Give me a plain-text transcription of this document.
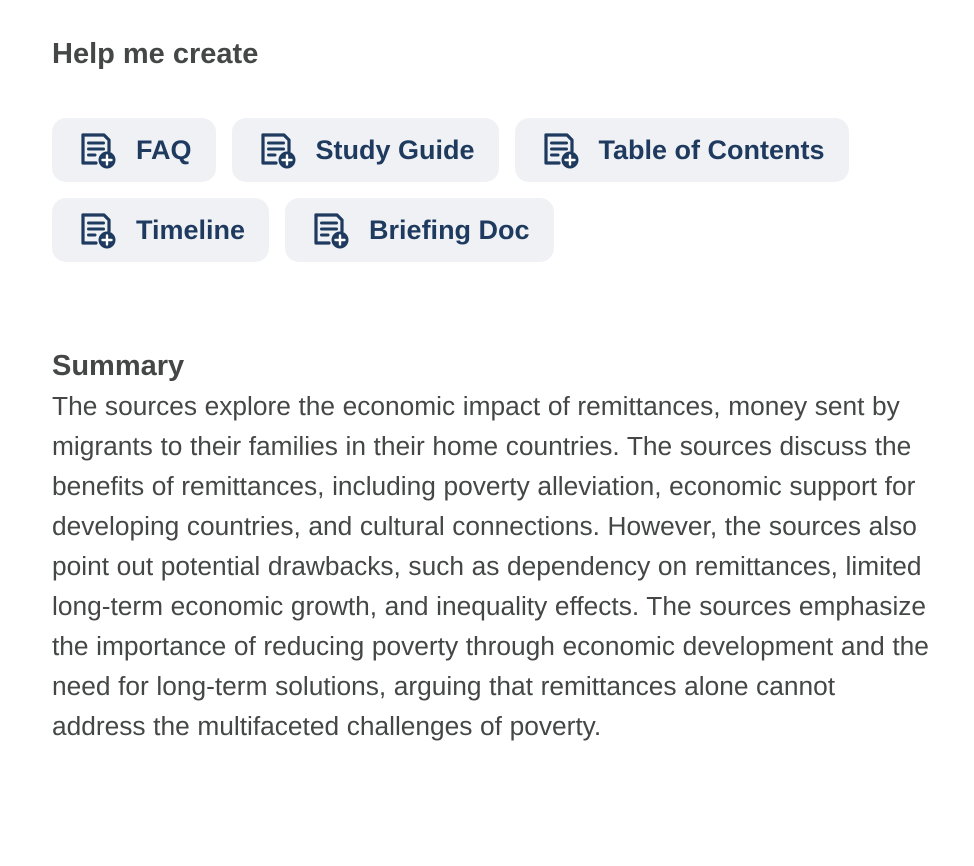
Help me create
FAQ	Study Guide	Table of Contents
Timeline	Briefing Doc
Summary

The sources explore the economic impact of remittances, money sent by migrants to their families in their home countries. The sources discuss the benefits of remittances, including poverty alleviation, economic support for developing countries, and cultural connections. However, the sources also point out potential drawbacks, such as dependency on remittances, limited long-term economic growth, and inequality effects. The sources emphasize the importance of reducing poverty through economic development and the need for long-term solutions, arguing that remittances alone cannot address the multifaceted challenges of poverty.
